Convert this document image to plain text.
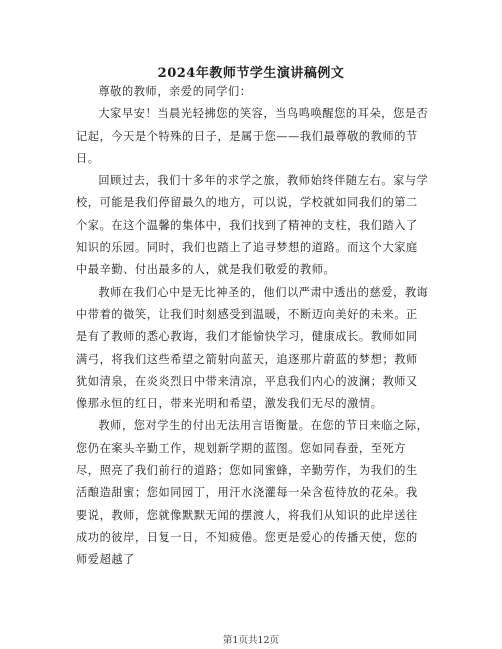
2024年教师节学生演讲稿例文

尊敬的教师，亲爱的同学们：

大家早安！当晨光轻拂您的笑容，当鸟鸣唤醒您的耳朵，您是否记起，今天是个特殊的日子，是属于您——我们最尊敬的教师的节日。

回顾过去，我们十多年的求学之旅，教师始终伴随左右。家与学校，可能是我们停留最久的地方，可以说，学校就如同我们的第二个家。在这个温馨的集体中，我们找到了精神的支柱，我们踏入了知识的乐园。同时，我们也踏上了追寻梦想的道路。而这个大家庭中最辛勤、付出最多的人，就是我们敬爱的教师。

教师在我们心中是无比神圣的，他们以严肃中透出的慈爱，教诲中带着的微笑，让我们时刻感受到温暖，不断迈向美好的未来。正是有了教师的悉心教诲，我们才能愉快学习，健康成长。教师如同满弓，将我们这些希望之箭射向蓝天，追逐那片蔚蓝的梦想；教师犹如清泉，在炎炎烈日中带来清凉，平息我们内心的波澜；教师又像那永恒的红日，带来光明和希望，激发我们无尽的激情。

教师，您对学生的付出无法用言语衡量。在您的节日来临之际，您仍在案头辛勤工作，规划新学期的蓝图。您如同春蚕，至死方尽，照亮了我们前行的道路；您如同蜜蜂，辛勤劳作，为我们的生活酿造甜蜜；您如同园丁，用汗水浇灌每一朵含苞待放的花朵。我要说，教师，您就像默默无闻的摆渡人，将我们从知识的此岸送往成功的彼岸，日复一日，不知疲倦。您更是爱心的传播天使，您的师爱超越了

第1页共12页
